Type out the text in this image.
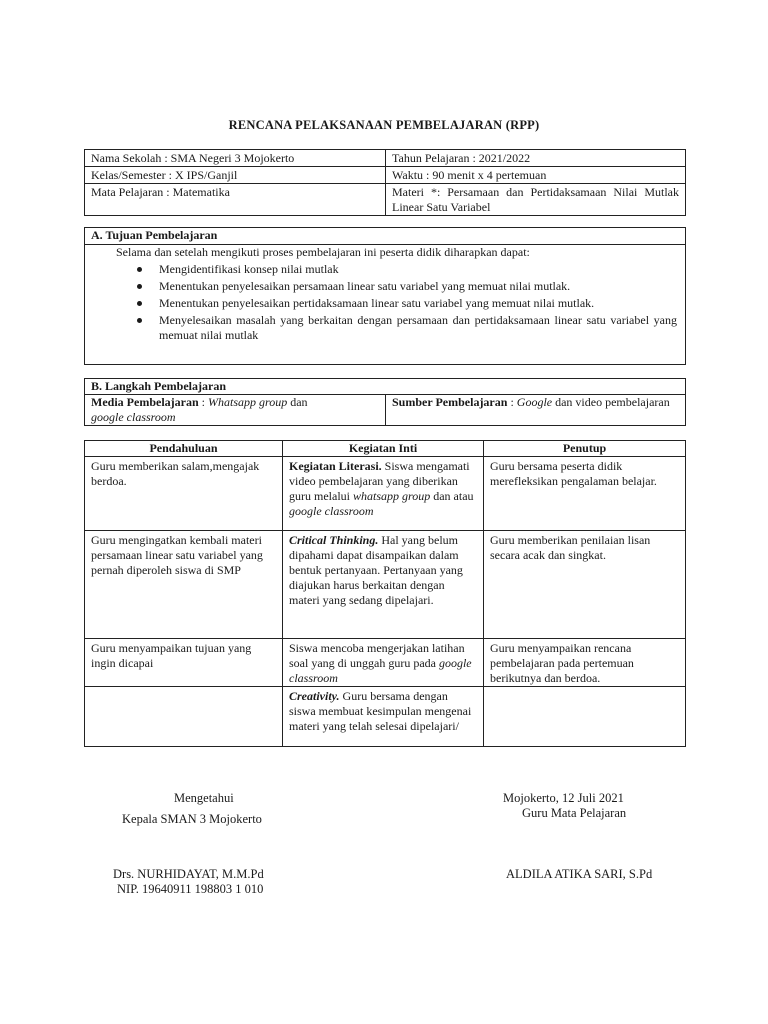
RENCANA PELAKSANAAN PEMBELAJARAN (RPP)
Nama Sekolah : SMA Negeri 3 Mojokerto	Tahun Pelajaran : 2021/2022
Kelas/Semester : X IPS/Ganjil	Waktu : 90 menit x 4 pertemuan
Mata Pelajaran : Matematika	Materi *: Persamaan dan Pertidaksamaan Nilai Mutlak Linear Satu Variabel
A. Tujuan Pembelajaran
Selama dan setelah mengikuti proses pembelajaran ini peserta didik diharapkan dapat:
Mengidentifikasi konsep nilai mutlak
Menentukan penyelesaikan persamaan linear satu variabel yang memuat nilai mutlak.
Menentukan penyelesaikan pertidaksamaan linear satu variabel yang memuat nilai mutlak.
Menyelesaikan masalah yang berkaitan dengan persamaan dan pertidaksamaan linear satu variabel yang memuat nilai mutlak
B. Langkah Pembelajaran
Media Pembelajaran : Whatsapp group dan
google classroom	Sumber Pembelajaran : Google dan video pembelajaran
Pendahuluan	Kegiatan Inti	Penutup
Guru memberikan salam,mengajak berdoa.	Kegiatan Literasi. Siswa mengamati video pembelajaran yang diberikan guru melalui whatsapp group dan atau google classroom	Guru bersama peserta didik merefleksikan pengalaman belajar.
Guru mengingatkan kembali materi persamaan linear satu variabel yang pernah diperoleh siswa di SMP	Critical Thinking. Hal yang belum dipahami dapat disampaikan dalam bentuk pertanyaan. Pertanyaan yang diajukan harus berkaitan dengan materi yang sedang dipelajari.	Guru memberikan penilaian lisan secara acak dan singkat.
Guru menyampaikan tujuan yang ingin dicapai	Siswa mencoba mengerjakan latihan soal yang di unggah guru pada google classroom	Guru menyampaikan rencana pembelajaran pada pertemuan berikutnya dan berdoa.
	Creativity. Guru bersama dengan siswa membuat kesimpulan mengenai materi yang telah selesai dipelajari/	
Mengetahui
Kepala SMAN 3 Mojokerto
Drs. NURHIDAYAT, M.M.Pd
NIP. 19640911 198803 1 010
Mojokerto, 12 Juli 2021
Guru Mata Pelajaran
ALDILA ATIKA SARI, S.Pd
